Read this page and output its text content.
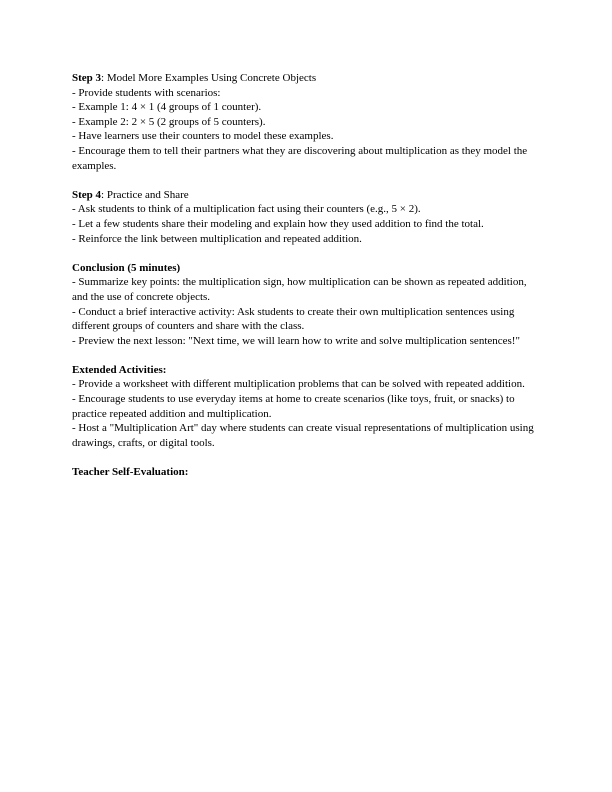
Step 3: Model More Examples Using Concrete Objects
- Provide students with scenarios:
- Example 1: 4 × 1 (4 groups of 1 counter).
- Example 2: 2 × 5 (2 groups of 5 counters).
- Have learners use their counters to model these examples.
- Encourage them to tell their partners what they are discovering about multiplication as they model the examples.
Step 4: Practice and Share
- Ask students to think of a multiplication fact using their counters (e.g., 5 × 2).
- Let a few students share their modeling and explain how they used addition to find the total.
- Reinforce the link between multiplication and repeated addition.
Conclusion (5 minutes)
- Summarize key points: the multiplication sign, how multiplication can be shown as repeated addition, and the use of concrete objects.
- Conduct a brief interactive activity: Ask students to create their own multiplication sentences using different groups of counters and share with the class.
- Preview the next lesson: "Next time, we will learn how to write and solve multiplication sentences!"
Extended Activities:
- Provide a worksheet with different multiplication problems that can be solved with repeated addition.
- Encourage students to use everyday items at home to create scenarios (like toys, fruit, or snacks) to practice repeated addition and multiplication.
- Host a "Multiplication Art" day where students can create visual representations of multiplication using drawings, crafts, or digital tools.
Teacher Self-Evaluation:
